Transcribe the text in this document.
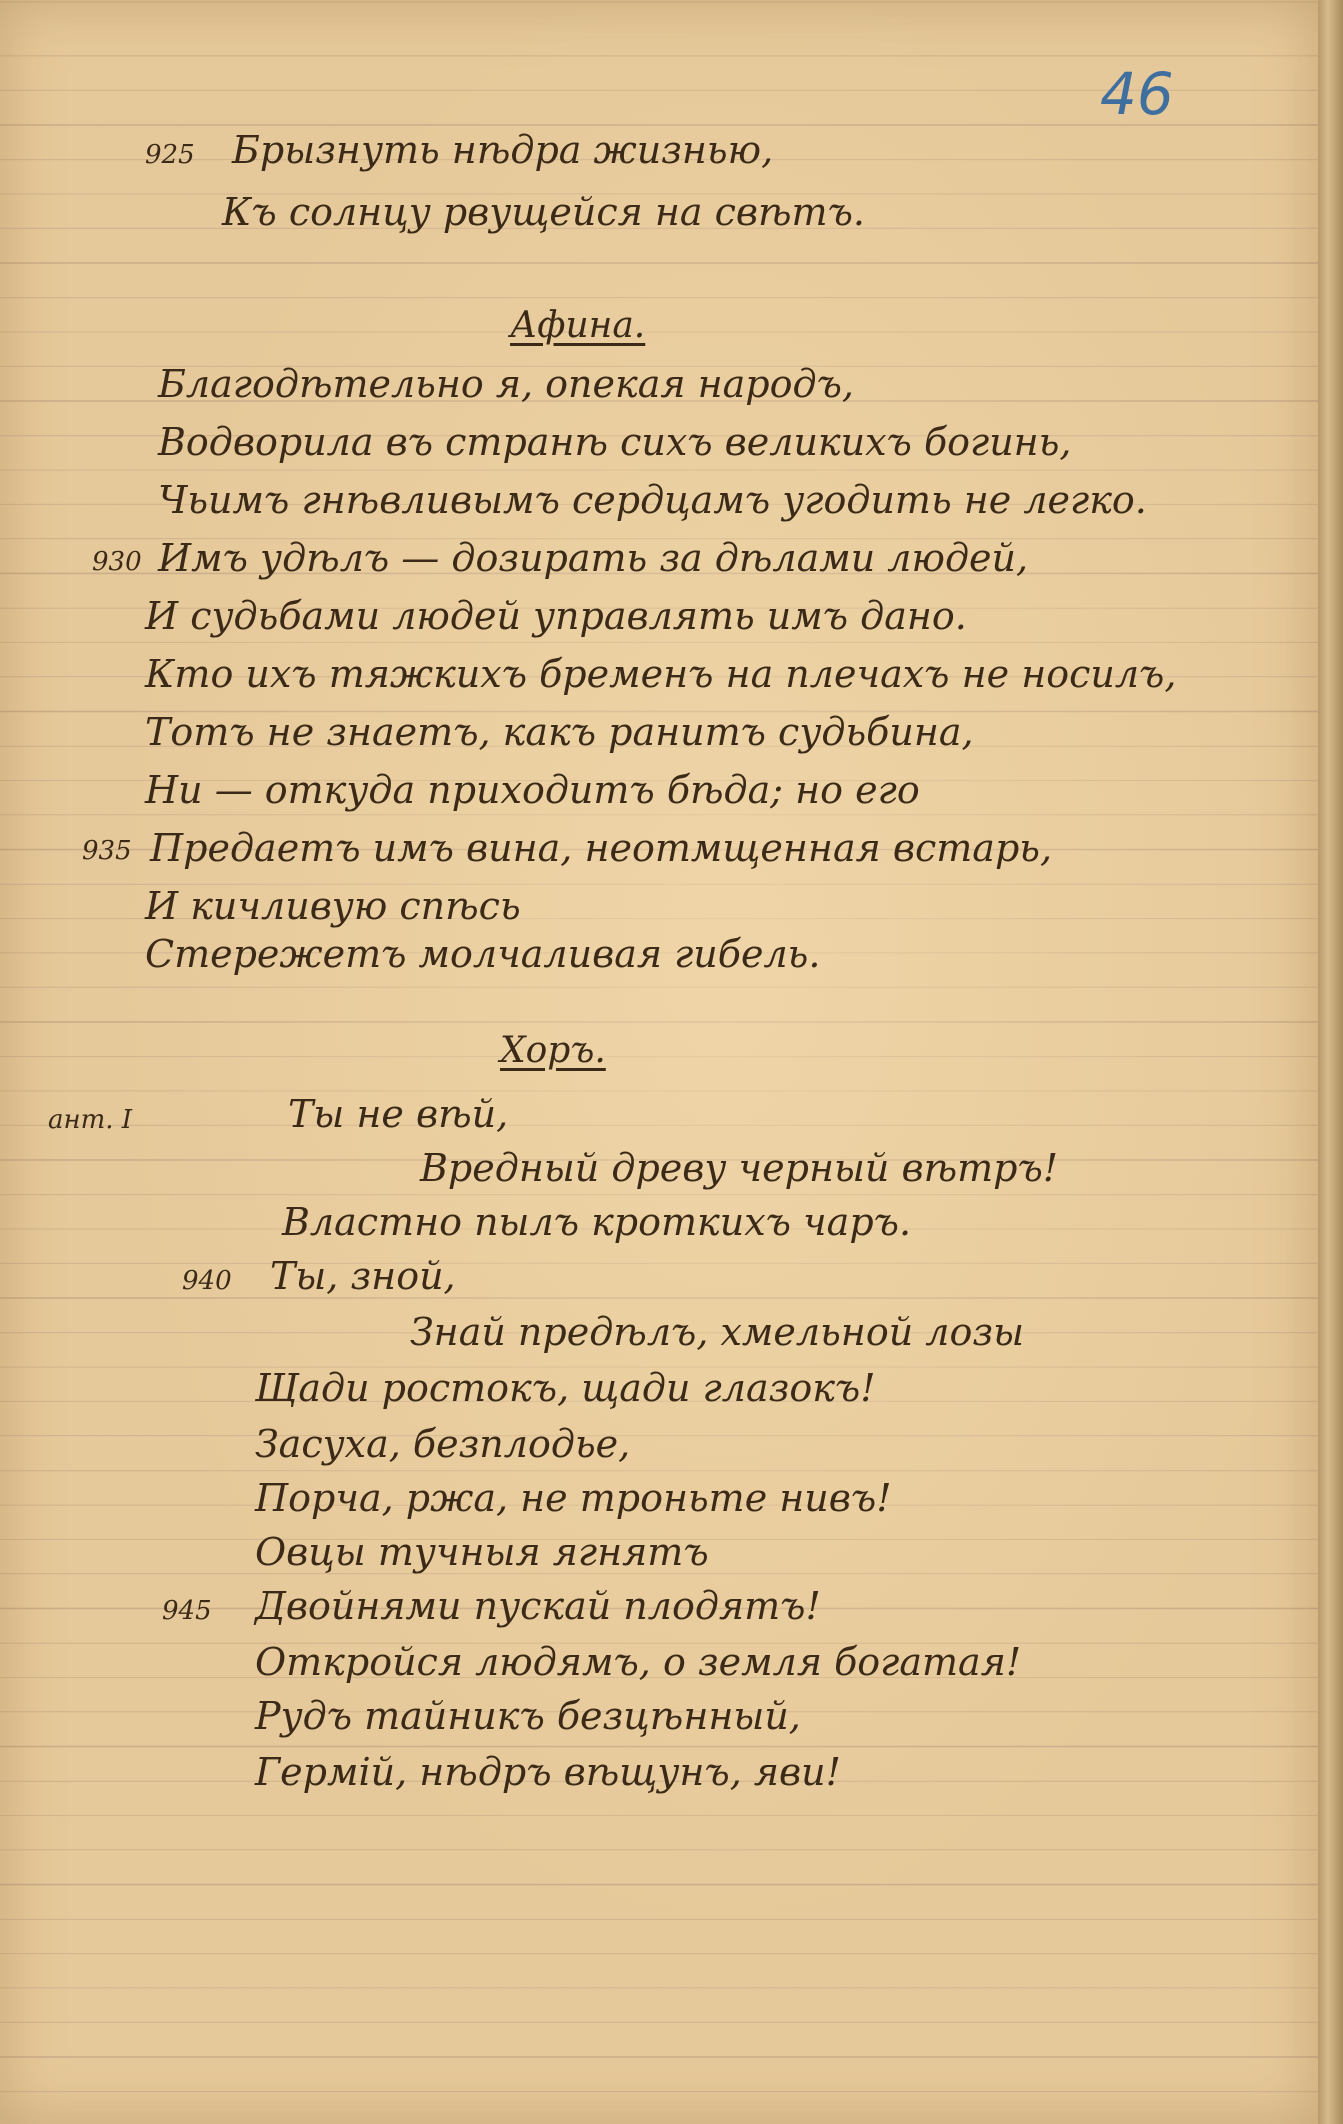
46
925 Брызнуть нѣдра жизнью,
Къ солнцу рвущейся на свѣтъ.
Афина.
Благодѣтельно я, опекая народъ,
Водворила въ странѣ сихъ великихъ богинь,
Чьимъ гнѣвливымъ сердцамъ угодить не легко.
930 Имъ удѣлъ — дозирать за дѣлами людей,
И судьбами людей управлять имъ дано.
Кто ихъ тяжкихъ бременъ на плечахъ не носилъ,
Тотъ не знаетъ, какъ ранитъ судьбина,
Ни — откуда приходитъ бѣда; но его
935 Предаетъ имъ вина, неотмщенная встарь,
И кичливую спѣсь
Стережетъ молчаливая гибель.
Хоръ.
ант. I	Ты не вѣй,
Вредный древу черный вѣтръ!
Властно пылъ кроткихъ чаръ.
940 Ты, зной,
Знай предѣлъ, хмельной лозы
Щади ростокъ, щади глазокъ!
Засуха, безплодье,
Порча, ржа, не троньте нивъ!
Овцы тучныя ягнятъ
945 Двойнями пускай плодятъ!
Откройся людямъ, о земля богатая!
Рудъ тайникъ безцѣнный,
Гермій, нѣдръ вѣщунъ, яви!
